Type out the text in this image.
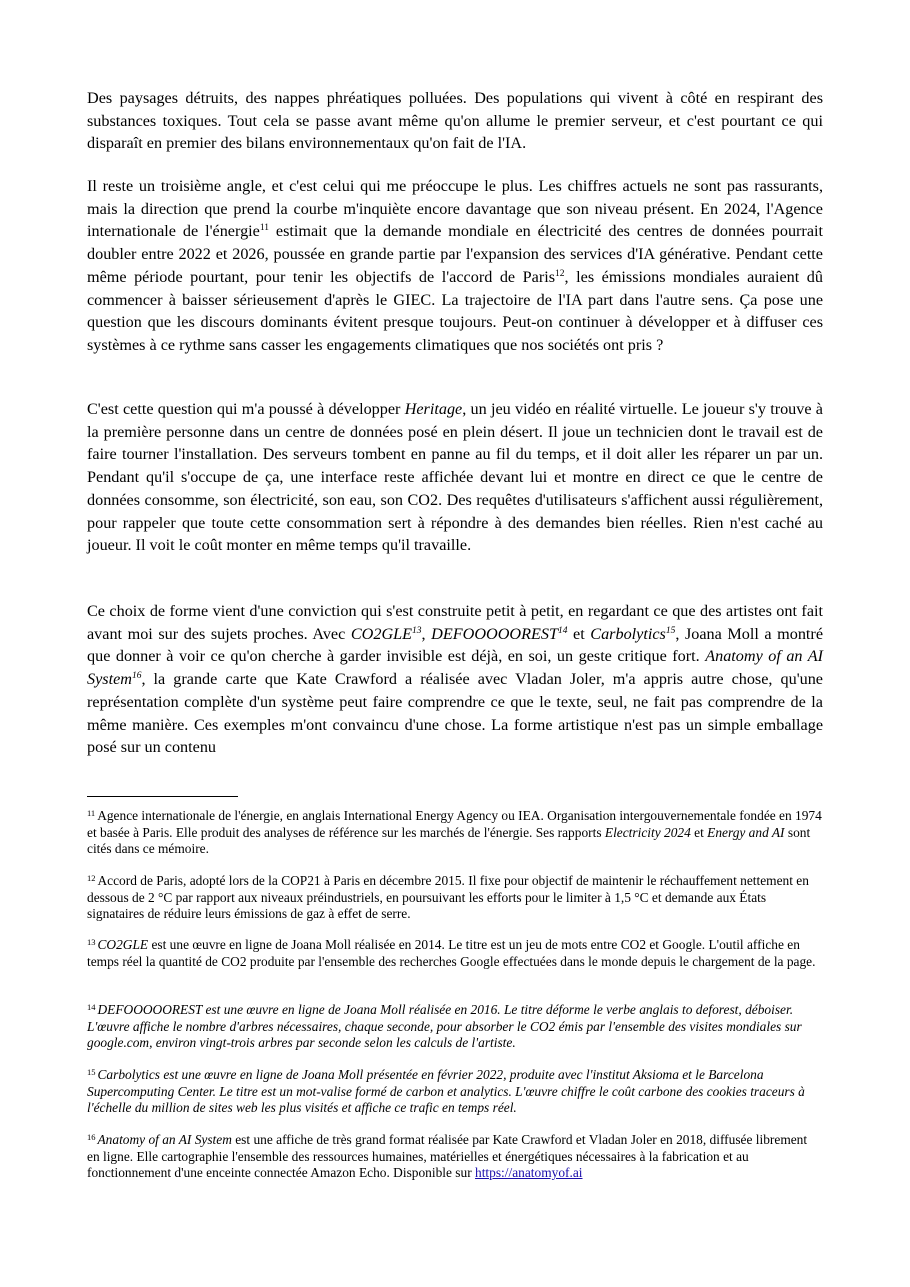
Des paysages détruits, des nappes phréatiques polluées. Des populations qui vivent à côté en respirant des substances toxiques. Tout cela se passe avant même qu'on allume le premier serveur, et c'est pourtant ce qui disparaît en premier des bilans environnementaux qu'on fait de l'IA.

Il reste un troisième angle, et c'est celui qui me préoccupe le plus. Les chiffres actuels ne sont pas rassurants, mais la direction que prend la courbe m'inquiète encore davantage que son niveau présent. En 2024, l'Agence internationale de l'énergie$^{11}$ estimait que la demande mondiale en électricité des centres de données pourrait doubler entre 2022 et 2026, poussée en grande partie par l'expansion des services d'IA générative. Pendant cette même période pourtant, pour tenir les objectifs de l'accord de Paris$^{12}$, les émissions mondiales auraient dû commencer à baisser sérieusement d'après le GIEC. La trajectoire de l'IA part dans l'autre sens. Ça pose une question que les discours dominants évitent presque toujours. Peut-on continuer à développer et à diffuser ces systèmes à ce rythme sans casser les engagements climatiques que nos sociétés ont pris ?

C'est cette question qui m'a poussé à développer Heritage, un jeu vidéo en réalité virtuelle. Le joueur s'y trouve à la première personne dans un centre de données posé en plein désert. Il joue un technicien dont le travail est de faire tourner l'installation. Des serveurs tombent en panne au fil du temps, et il doit aller les réparer un par un. Pendant qu'il s'occupe de ça, une interface reste affichée devant lui et montre en direct ce que le centre de données consomme, son électricité, son eau, son CO2. Des requêtes d'utilisateurs s'affichent aussi régulièrement, pour rappeler que toute cette consommation sert à répondre à des demandes bien réelles. Rien n'est caché au joueur. Il voit le coût monter en même temps qu'il travaille.

Ce choix de forme vient d'une conviction qui s'est construite petit à petit, en regardant ce que des artistes ont fait avant moi sur des sujets proches. Avec CO2GLE$^{13}$, DEFOOOOOREST$^{14}$ et Carbolytics$^{15}$, Joana Moll a montré que donner à voir ce qu'on cherche à garder invisible est déjà, en soi, un geste critique fort. Anatomy of an AI System$^{16}$, la grande carte que Kate Crawford a réalisée avec Vladan Joler, m'a appris autre chose, qu'une représentation complète d'un système peut faire comprendre ce que le texte, seul, ne fait pas comprendre de la même manière. Ces exemples m'ont convaincu d'une chose. La forme artistique n'est pas un simple emballage posé sur un contenu

$^{11}$ Agence internationale de l'énergie, en anglais International Energy Agency ou IEA. Organisation intergouvernementale fondée en 1974 et basée à Paris. Elle produit des analyses de référence sur les marchés de l'énergie. Ses rapports Electricity 2024 et Energy and AI sont cités dans ce mémoire.

$^{12}$ Accord de Paris, adopté lors de la COP21 à Paris en décembre 2015. Il fixe pour objectif de maintenir le réchauffement nettement en dessous de 2 °C par rapport aux niveaux préindustriels, en poursuivant les efforts pour le limiter à 1,5 °C et demande aux États signataires de réduire leurs émissions de gaz à effet de serre.

$^{13}$ CO2GLE est une œuvre en ligne de Joana Moll réalisée en 2014. Le titre est un jeu de mots entre CO2 et Google. L'outil affiche en temps réel la quantité de CO2 produite par l'ensemble des recherches Google effectuées dans le monde depuis le chargement de la page.

$^{14}$ DEFOOOOOREST est une œuvre en ligne de Joana Moll réalisée en 2016. Le titre déforme le verbe anglais to deforest, déboiser. L'œuvre affiche le nombre d'arbres nécessaires, chaque seconde, pour absorber le CO2 émis par l'ensemble des visites mondiales sur google.com, environ vingt-trois arbres par seconde selon les calculs de l'artiste.

$^{15}$ Carbolytics est une œuvre en ligne de Joana Moll présentée en février 2022, produite avec l'institut Aksioma et le Barcelona Supercomputing Center. Le titre est un mot-valise formé de carbon et analytics. L'œuvre chiffre le coût carbone des cookies traceurs à l'échelle du million de sites web les plus visités et affiche ce trafic en temps réel.

$^{16}$ Anatomy of an AI System est une affiche de très grand format réalisée par Kate Crawford et Vladan Joler en 2018, diffusée librement en ligne. Elle cartographie l'ensemble des ressources humaines, matérielles et énergétiques nécessaires à la fabrication et au fonctionnement d'une enceinte connectée Amazon Echo. Disponible sur https://anatomyof.ai
